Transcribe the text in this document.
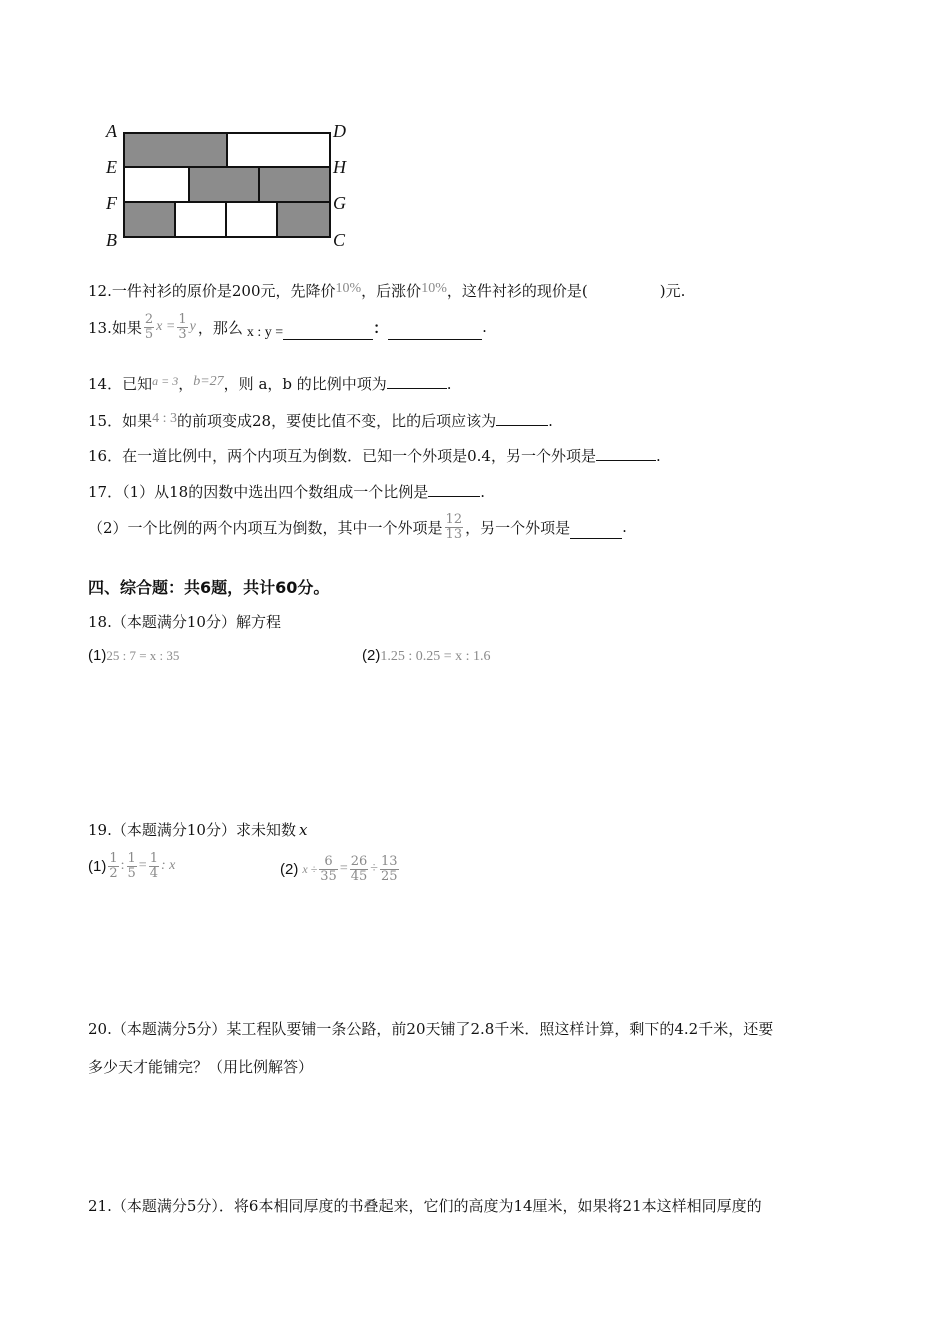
A
E
F
B
D
H
G
C
12.一件衬衫的原价是200元，先降价10%，后涨价10%，这件衬衫的现价是(	)元.
13.如果 $\frac{2}{5}$ $x = \frac{1}{3}$ y ，那么 x : y =	：	.
14．已知$^{a = 3}$，b=27，则 a，b 的比例中项为	.
15．如果4 : 3的前项变成28，要使比值不变，比的后项应该为	.
16．在一道比例中，两个内项互为倒数．已知一个外项是0.4，另一个外项是	.
17．（1）从18的因数中选出四个数组成一个比例是	.
（2）一个比例的两个内项互为倒数，其中一个外项是 $\frac{12}{13}$ ，另一个外项是	.
四、综合题：共6题，共计60分。
18.（本题满分10分）解方程
(1)25 : 7 = x : 35	(2)1.25 : 0.25 = x : 1.6
19.（本题满分10分）求未知数 x
$(1) \frac{1}{2}$ : $\frac{1}{5} = \frac{1}{4}$ : x	(2) $x \div \frac{6}{35} = \frac{26}{45} \div \frac{13}{25}$
20.（本题满分5分）某工程队要铺一条公路，前20天铺了2.8千米．照这样计算，剩下的4.2千米，还要
多少天才能铺完？（用比例解答）
21.（本题满分5分）．将6本相同厚度的书叠起来，它们的高度为14厘米，如果将21本这样相同厚度的
